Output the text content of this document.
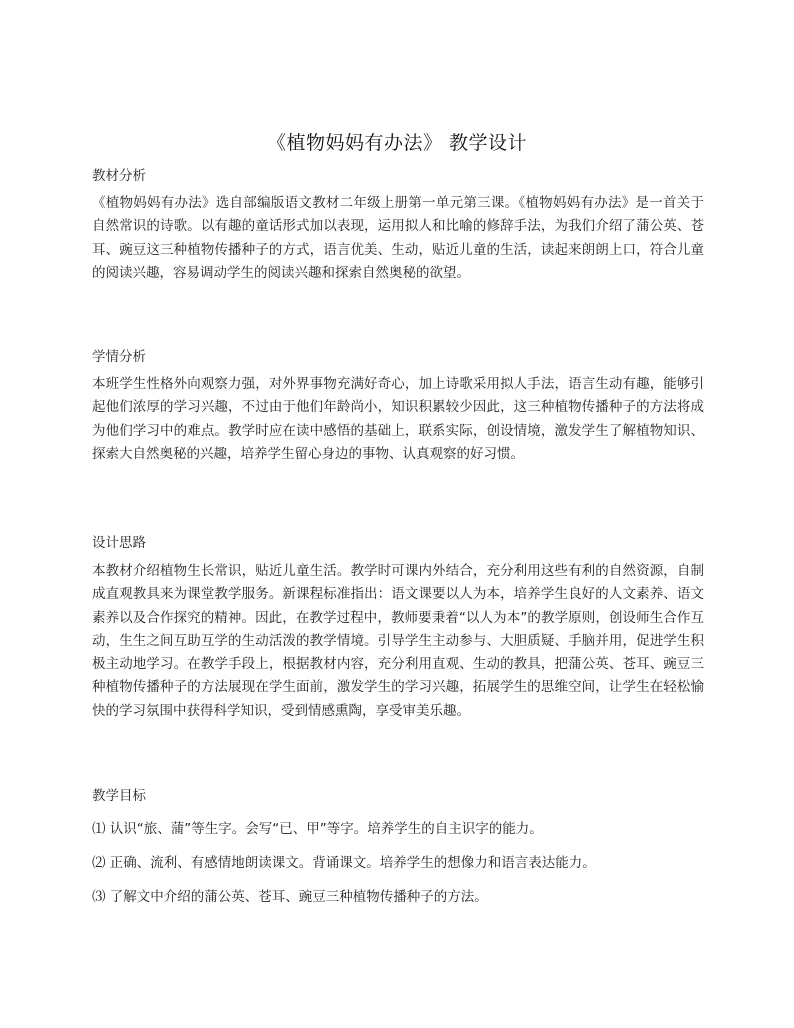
《植物妈妈有办法》 教学设计
教材分析
《植物妈妈有办法》选自部编版语文教材二年级上册第一单元第三课。《植物妈妈有办法》是一首关于自然常识的诗歌。以有趣的童话形式加以表现，运用拟人和比喻的修辞手法，为我们介绍了蒲公英、苍耳、豌豆这三种植物传播种子的方式，语言优美、生动，贴近儿童的生活，读起来朗朗上口，符合儿童的阅读兴趣，容易调动学生的阅读兴趣和探索自然奥秘的欲望。
学情分析
本班学生性格外向观察力强，对外界事物充满好奇心，加上诗歌采用拟人手法，语言生动有趣，能够引起他们浓厚的学习兴趣，不过由于他们年龄尚小，知识积累较少因此，这三种植物传播种子的方法将成为他们学习中的难点。教学时应在读中感悟的基础上，联系实际，创设情境，激发学生了解植物知识、探索大自然奥秘的兴趣，培养学生留心身边的事物、认真观察的好习惯。
设计思路
本教材介绍植物生长常识，贴近儿童生活。教学时可课内外结合，充分利用这些有利的自然资源，自制成直观教具来为课堂教学服务。新课程标准指出：语文课要以人为本，培养学生良好的人文素养、语文素养以及合作探究的精神。因此，在教学过程中，教师要秉着“以人为本”的教学原则，创设师生合作互动，生生之间互助互学的生动活泼的教学情境。引导学生主动参与、大胆质疑、手脑并用，促进学生积极主动地学习。在教学手段上，根据教材内容，充分利用直观、生动的教具，把蒲公英、苍耳、豌豆三种植物传播种子的方法展现在学生面前，激发学生的学习兴趣，拓展学生的思维空间，让学生在轻松愉快的学习氛围中获得科学知识，受到情感熏陶，享受审美乐趣。
教学目标
⑴ 认识“旅、蒲”等生字。会写“已、甲”等字。培养学生的自主识字的能力。
⑵ 正确、流利、有感情地朗读课文。背诵课文。培养学生的想像力和语言表达能力。
⑶ 了解文中介绍的蒲公英、苍耳、豌豆三种植物传播种子的方法。
